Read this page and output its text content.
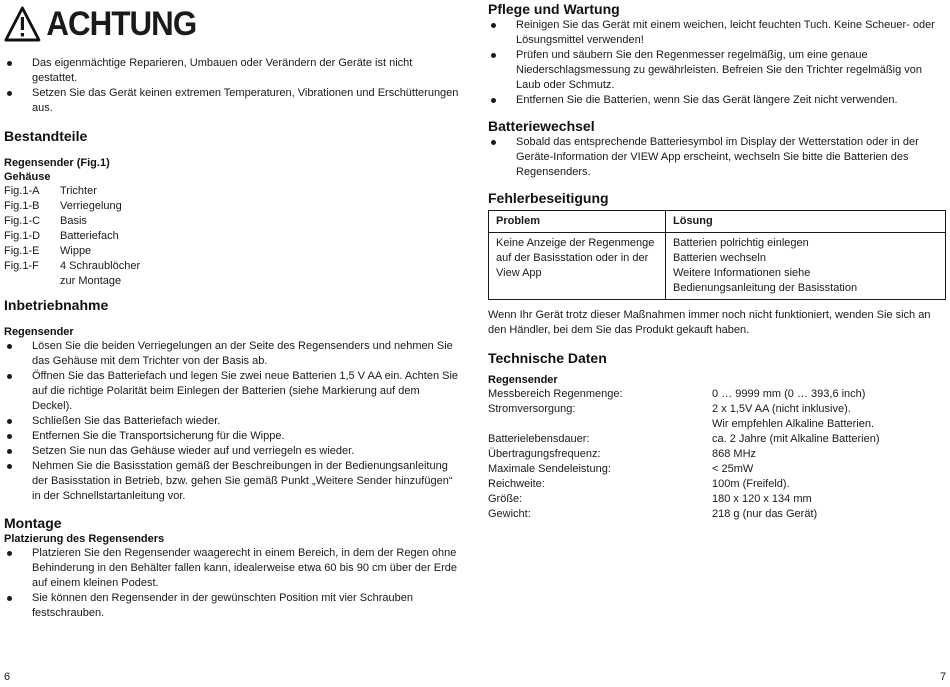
ACHTUNG
Das eigenmächtige Reparieren, Umbauen oder Verändern der Geräte ist nicht gestattet.
Setzen Sie das Gerät keinen extremen Temperaturen, Vibrationen und Erschütterungen aus.
Bestandteile
Regensender (Fig.1)
Gehäuse
Fig.1-A	Trichter
Fig.1-B	Verriegelung
Fig.1-C	Basis
Fig.1-D	Batteriefach
Fig.1-E	Wippe
Fig.1-F	4 Schraublöcher
zur Montage
Inbetriebnahme
Regensender
Lösen Sie die beiden Verriegelungen an der Seite des Regensenders und nehmen Sie das Gehäuse mit dem Trichter von der Basis ab.
Öffnen Sie das Batteriefach und legen Sie zwei neue Batterien 1,5 V AA ein. Achten Sie auf die richtige Polarität beim Einlegen der Batterien (siehe Markierung auf dem Deckel).
Schließen Sie das Batteriefach wieder.
Entfernen Sie die Transportsicherung für die Wippe.
Setzen Sie nun das Gehäuse wieder auf und verriegeln es wieder.
Nehmen Sie die Basisstation gemäß der Beschreibungen in der Bedienungsanleitung der Basisstation in Betrieb, bzw. gehen Sie gemäß Punkt „Weitere Sender hinzufügen“ in der Schnellstartanleitung vor.
Montage
Platzierung des Regensenders
Platzieren Sie den Regensender waagerecht in einem Bereich, in dem der Regen ohne Behinderung in den Behälter fallen kann, idealerweise etwa 60 bis 90 cm über der Erde auf einem kleinen Podest.
Sie können den Regensender in der gewünschten Position mit vier Schrauben festschrauben.
6
Pflege und Wartung
Reinigen Sie das Gerät mit einem weichen, leicht feuchten Tuch. Keine Scheuer- oder Lösungsmittel verwenden!
Prüfen und säubern Sie den Regenmesser regelmäßig, um eine genaue Niederschlagsmessung zu gewährleisten. Befreien Sie den Trichter regelmäßig von Laub oder Schmutz.
Entfernen Sie die Batterien, wenn Sie das Gerät längere Zeit nicht verwenden.
Batteriewechsel
Sobald das entsprechende Batteriesymbol im Display der Wetterstation oder in der Geräte-Information der VIEW App erscheint, wechseln Sie bitte die Batterien des Regensenders.
Fehlerbeseitigung
Problem	Lösung
Keine Anzeige der Regenmenge auf der Basisstation oder in der View App	Batterien polrichtig einlegen
Batterien wechseln
Weitere Informationen siehe
Bedienungsanleitung der Basisstation

Wenn Ihr Gerät trotz dieser Maßnahmen immer noch nicht funktioniert, wenden Sie sich an den Händler, bei dem Sie das Produkt gekauft haben.

Technische Daten
Regensender
Messbereich Regenmenge:	0 … 9999 mm (0 … 393,6 inch)
Stromversorgung:	2 x 1,5V AA (nicht inklusive).
Wir empfehlen Alkaline Batterien.
Batterielebensdauer:	ca. 2 Jahre (mit Alkaline Batterien)
Übertragungsfrequenz:	868 MHz
Maximale Sendeleistung:	< 25mW
Reichweite:	100m (Freifeld).
Größe:	180 x 120 x 134 mm
Gewicht:	218 g (nur das Gerät)
7
